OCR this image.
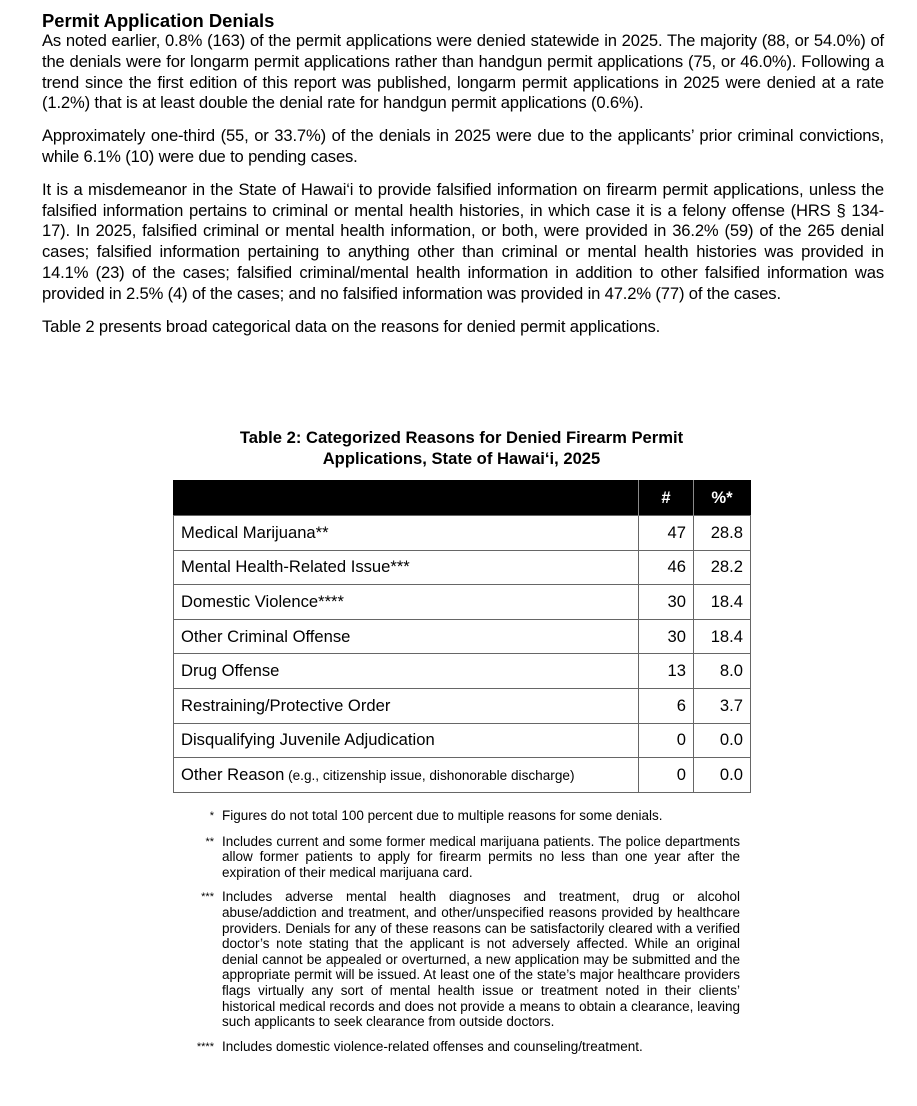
Permit Application Denials

As noted earlier, 0.8% (163) of the permit applications were denied statewide in 2025. The majority (88, or 54.0%) of the denials were for longarm permit applications rather than handgun permit applications (75, or 46.0%). Following a trend since the first edition of this report was published, longarm permit applications in 2025 were denied at a rate (1.2%) that is at least double the denial rate for handgun permit applications (0.6%).

Approximately one-third (55, or 33.7%) of the denials in 2025 were due to the applicants’ prior criminal convictions, while 6.1% (10) were due to pending cases.

It is a misdemeanor in the State of Hawai‘i to provide falsified information on firearm permit applications, unless the falsified information pertains to criminal or mental health histories, in which case it is a felony offense (HRS § 134-17). In 2025, falsified criminal or mental health information, or both, were provided in 36.2% (59) of the 265 denial cases; falsified information pertaining to anything other than criminal or mental health histories was provided in 14.1% (23) of the cases; falsified criminal/mental health information in addition to other falsified information was provided in 2.5% (4) of the cases; and no falsified information was provided in 47.2% (77) of the cases.

Table 2 presents broad categorical data on the reasons for denied permit applications.

Table 2: Categorized Reasons for Denied Firearm Permit
Applications, State of Hawai‘i, 2025
	#	%*
Medical Marijuana**	47	28.8
Mental Health-Related Issue***	46	28.2
Domestic Violence****	30	18.4
Other Criminal Offense	30	18.4
Drug Offense	13	8.0
Restraining/Protective Order	6	3.7
Disqualifying Juvenile Adjudication	0	0.0
Other Reason (e.g., citizenship issue, dishonorable discharge)	0	0.0
* Figures do not total 100 percent due to multiple reasons for some denials.
** Includes current and some former medical marijuana patients. The police departments allow former patients to apply for firearm permits no less than one year after the expiration of their medical marijuana card.
*** Includes adverse mental health diagnoses and treatment, drug or alcohol abuse/addiction and treatment, and other/unspecified reasons provided by healthcare providers. Denials for any of these reasons can be satisfactorily cleared with a verified doctor’s note stating that the applicant is not adversely affected. While an original denial cannot be appealed or overturned, a new application may be submitted and the appropriate permit will be issued. At least one of the state’s major healthcare providers flags virtually any sort of mental health issue or treatment noted in their clients’ historical medical records and does not provide a means to obtain a clearance, leaving such applicants to seek clearance from outside doctors.
**** Includes domestic violence-related offenses and counseling/treatment.
